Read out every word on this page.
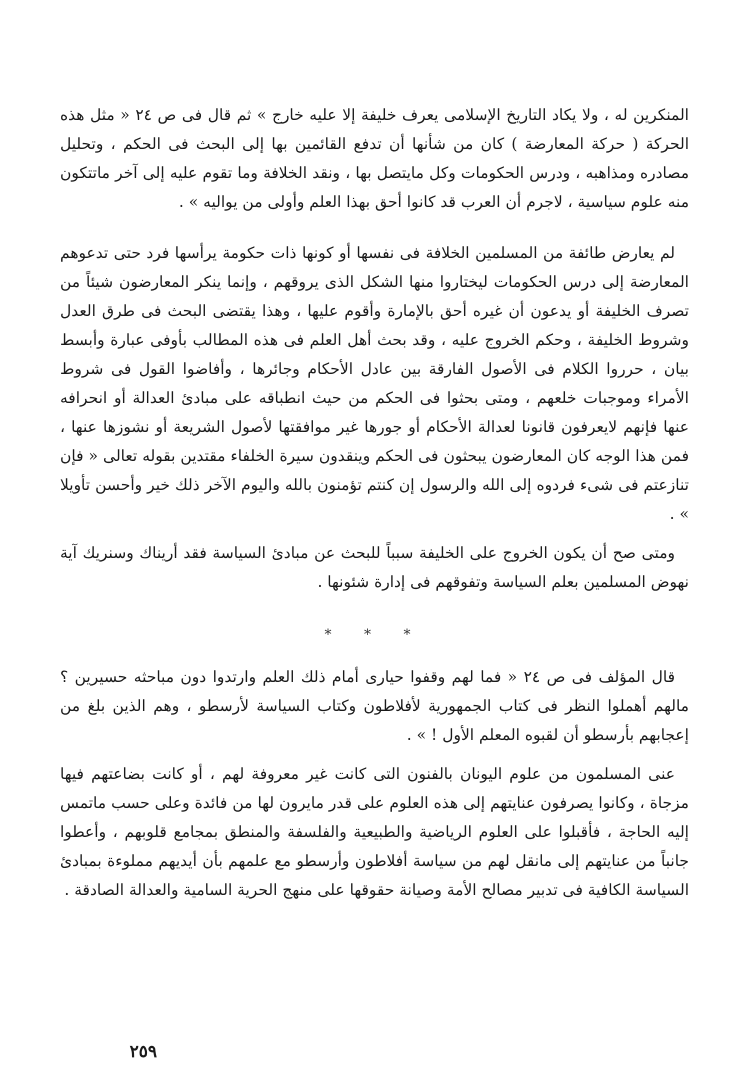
المنكرين له ، ولا يكاد التاريخ الإسلامى يعرف خليفة إلا عليه خارج » ثم قال فى ص ٢٤ « مثل هذه الحركة ( حركة المعارضة ) كان من شأنها أن تدفع القائمين بها إلى البحث فى الحكم ، وتحليل مصادره ومذاهبه ، ودرس الحكومات وكل مايتصل بها ، ونقد الخلافة وما تقوم عليه إلى آخر ماتتكون منه علوم سياسية ، لاجرم أن العرب قد كانوا أحق بهذا العلم وأولى من يواليه » .

لم يعارض طائفة من المسلمين الخلافة فى نفسها أو كونها ذات حكومة يرأسها فرد حتى تدعوهم المعارضة إلى درس الحكومات ليختاروا منها الشكل الذى يروقهم ، وإنما ينكر المعارضون شيئاً من تصرف الخليفة أو يدعون أن غيره أحق بالإمارة وأقوم عليها ، وهذا يقتضى البحث فى طرق العدل وشروط الخليفة ، وحكم الخروج عليه ، وقد بحث أهل العلم فى هذه المطالب بأوفى عبارة وأبسط بيان ، حرروا الكلام فى الأصول الفارقة بين عادل الأحكام وجائرها ، وأفاضوا القول فى شروط الأمراء وموجبات خلعهم ، ومتى بحثوا فى الحكم من حيث انطباقه على مبادئ العدالة أو انحرافه عنها فإنهم لايعرفون قانونا لعدالة الأحكام أو جورها غير موافقتها لأصول الشريعة أو نشوزها عنها ، فمن هذا الوجه كان المعارضون يبحثون فى الحكم وينقدون سيرة الخلفاء مقتدين بقوله تعالى « فإن تنازعتم فى شىء فردوه إلى الله والرسول إن كنتم تؤمنون بالله واليوم الآخر ذلك خير وأحسن تأويلا » .

ومتى صح أن يكون الخروج على الخليفة سبباً للبحث عن مبادئ السياسة فقد أريناك وسنريك آية نهوض المسلمين بعلم السياسة وتفوقهم فى إدارة شئونها .

* * *

قال المؤلف فى ص ٢٤ « فما لهم وقفوا حيارى أمام ذلك العلم وارتدوا دون مباحثه حسيرين ؟ مالهم أهملوا النظر فى كتاب الجمهورية لأفلاطون وكتاب السياسة لأرسطو ، وهم الذين بلغ من إعجابهم بأرسطو أن لقبوه المعلم الأول ! » .

عنى المسلمون من علوم اليونان بالفنون التى كانت غير معروفة لهم ، أو كانت بضاعتهم فيها مزجاة ، وكانوا يصرفون عنايتهم إلى هذه العلوم على قدر مايرون لها من فائدة وعلى حسب ماتمس إليه الحاجة ، فأقبلوا على العلوم الرياضية والطبيعية والفلسفة والمنطق بمجامع قلوبهم ، وأعطوا جانباً من عنايتهم إلى مانقل لهم من سياسة أفلاطون وأرسطو مع علمهم بأن أيديهم مملوءة بمبادئ السياسة الكافية فى تدبير مصالح الأمة وصيانة حقوقها على منهج الحرية السامية والعدالة الصادقة .

٢٥٩
